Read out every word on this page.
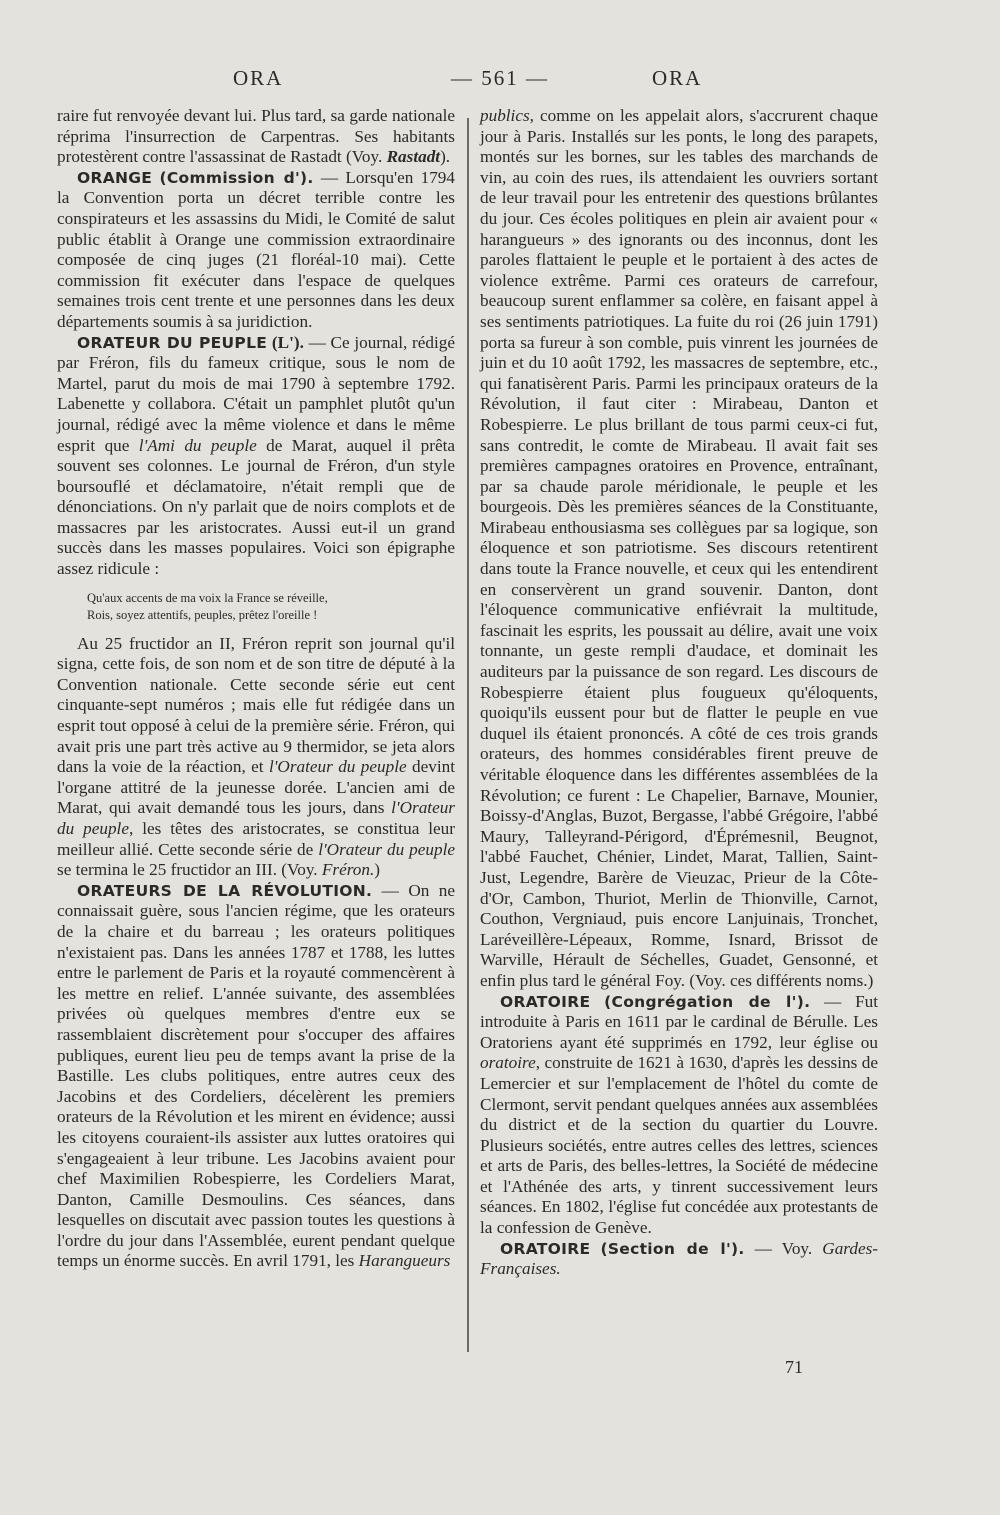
ORA	— 561 —	ORA

raire fut renvoyée devant lui. Plus tard, sa garde nationale réprima l'insurrection de Carpentras. Ses habitants protestèrent contre l'assassinat de Rastadt (Voy. Rastadt).

ORANGE (Commission d'). — Lorsqu'en 1794 la Convention porta un décret terrible contre les conspirateurs et les assassins du Midi, le Comité de salut public établit à Orange une commission extraordinaire composée de cinq juges (21 floréal-10 mai). Cette commission fit exécuter dans l'espace de quelques semaines trois cent trente et une personnes dans les deux départements soumis à sa juridiction.

ORATEUR DU PEUPLE (L'). — Ce journal, rédigé par Fréron, fils du fameux critique, sous le nom de Martel, parut du mois de mai 1790 à septembre 1792. Labenette y collabora. C'était un pamphlet plutôt qu'un journal, rédigé avec la même violence et dans le même esprit que l'Ami du peuple de Marat, auquel il prêta souvent ses colonnes. Le journal de Fréron, d'un style boursouflé et déclamatoire, n'était rempli que de dénonciations. On n'y parlait que de noirs complots et de massacres par les aristocrates. Aussi eut-il un grand succès dans les masses populaires. Voici son épigraphe assez ridicule :

Qu'aux accents de ma voix la France se réveille,
Rois, soyez attentifs, peuples, prêtez l'oreille !

Au 25 fructidor an II, Fréron reprit son journal qu'il signa, cette fois, de son nom et de son titre de député à la Convention nationale. Cette seconde série eut cent cinquante-sept numéros ; mais elle fut rédigée dans un esprit tout opposé à celui de la première série. Fréron, qui avait pris une part très active au 9 thermidor, se jeta alors dans la voie de la réaction, et l'Orateur du peuple devint l'organe attitré de la jeunesse dorée. L'ancien ami de Marat, qui avait demandé tous les jours, dans l'Orateur du peuple, les têtes des aristocrates, se constitua leur meilleur allié. Cette seconde série de l'Orateur du peuple se termina le 25 fructidor an III. (Voy. Fréron.)

ORATEURS DE LA RÉVOLUTION. — On ne connaissait guère, sous l'ancien régime, que les orateurs de la chaire et du barreau ; les orateurs politiques n'existaient pas. Dans les années 1787 et 1788, les luttes entre le parlement de Paris et la royauté commencèrent à les mettre en relief. L'année suivante, des assemblées privées où quelques membres d'entre eux se rassemblaient discrètement pour s'occuper des affaires publiques, eurent lieu peu de temps avant la prise de la Bastille. Les clubs politiques, entre autres ceux des Jacobins et des Cordeliers, décelèrent les premiers orateurs de la Révolution et les mirent en évidence; aussi les citoyens couraient-ils assister aux luttes oratoires qui s'engageaient à leur tribune. Les Jacobins avaient pour chef Maximilien Robespierre, les Cordeliers Marat, Danton, Camille Desmoulins. Ces séances, dans lesquelles on discutait avec passion toutes les questions à l'ordre du jour dans l'Assemblée, eurent pendant quelque temps un énorme succès. En avril 1791, les Harangueurs

publics, comme on les appelait alors, s'accrurent chaque jour à Paris. Installés sur les ponts, le long des parapets, montés sur les bornes, sur les tables des marchands de vin, au coin des rues, ils attendaient les ouvriers sortant de leur travail pour les entretenir des questions brûlantes du jour. Ces écoles politiques en plein air avaient pour « harangueurs » des ignorants ou des inconnus, dont les paroles flattaient le peuple et le portaient à des actes de violence extrême. Parmi ces orateurs de carrefour, beaucoup surent enflammer sa colère, en faisant appel à ses sentiments patriotiques. La fuite du roi (26 juin 1791) porta sa fureur à son comble, puis vinrent les journées de juin et du 10 août 1792, les massacres de septembre, etc., qui fanatisèrent Paris. Parmi les principaux orateurs de la Révolution, il faut citer : Mirabeau, Danton et Robespierre. Le plus brillant de tous parmi ceux-ci fut, sans contredit, le comte de Mirabeau. Il avait fait ses premières campagnes oratoires en Provence, entraînant, par sa chaude parole méridionale, le peuple et les bourgeois. Dès les premières séances de la Constituante, Mirabeau enthousiasma ses collègues par sa logique, son éloquence et son patriotisme. Ses discours retentirent dans toute la France nouvelle, et ceux qui les entendirent en conservèrent un grand souvenir. Danton, dont l'éloquence communicative enfiévrait la multitude, fascinait les esprits, les poussait au délire, avait une voix tonnante, un geste rempli d'audace, et dominait les auditeurs par la puissance de son regard. Les discours de Robespierre étaient plus fougueux qu'éloquents, quoiqu'ils eussent pour but de flatter le peuple en vue duquel ils étaient prononcés. A côté de ces trois grands orateurs, des hommes considérables firent preuve de véritable éloquence dans les différentes assemblées de la Révolution; ce furent : Le Chapelier, Barnave, Mounier, Boissy-d'Anglas, Buzot, Bergasse, l'abbé Grégoire, l'abbé Maury, Talleyrand-Périgord, d'Éprémesnil, Beugnot, l'abbé Fauchet, Chénier, Lindet, Marat, Tallien, Saint-Just, Legendre, Barère de Vieuzac, Prieur de la Côte-d'Or, Cambon, Thuriot, Merlin de Thionville, Carnot, Couthon, Vergniaud, puis encore Lanjuinais, Tronchet, Laréveillère-Lépeaux, Romme, Isnard, Brissot de Warville, Hérault de Séchelles, Guadet, Gensonné, et enfin plus tard le général Foy. (Voy. ces différents noms.)

ORATOIRE (Congrégation de l'). — Fut introduite à Paris en 1611 par le cardinal de Bérulle. Les Oratoriens ayant été supprimés en 1792, leur église ou oratoire, construite de 1621 à 1630, d'après les dessins de Lemercier et sur l'emplacement de l'hôtel du comte de Clermont, servit pendant quelques années aux assemblées du district et de la section du quartier du Louvre. Plusieurs sociétés, entre autres celles des lettres, sciences et arts de Paris, des belles-lettres, la Société de médecine et l'Athénée des arts, y tinrent successivement leurs séances. En 1802, l'église fut concédée aux protestants de la confession de Genève.

ORATOIRE (Section de l'). — Voy. Gardes-Françaises.

71
